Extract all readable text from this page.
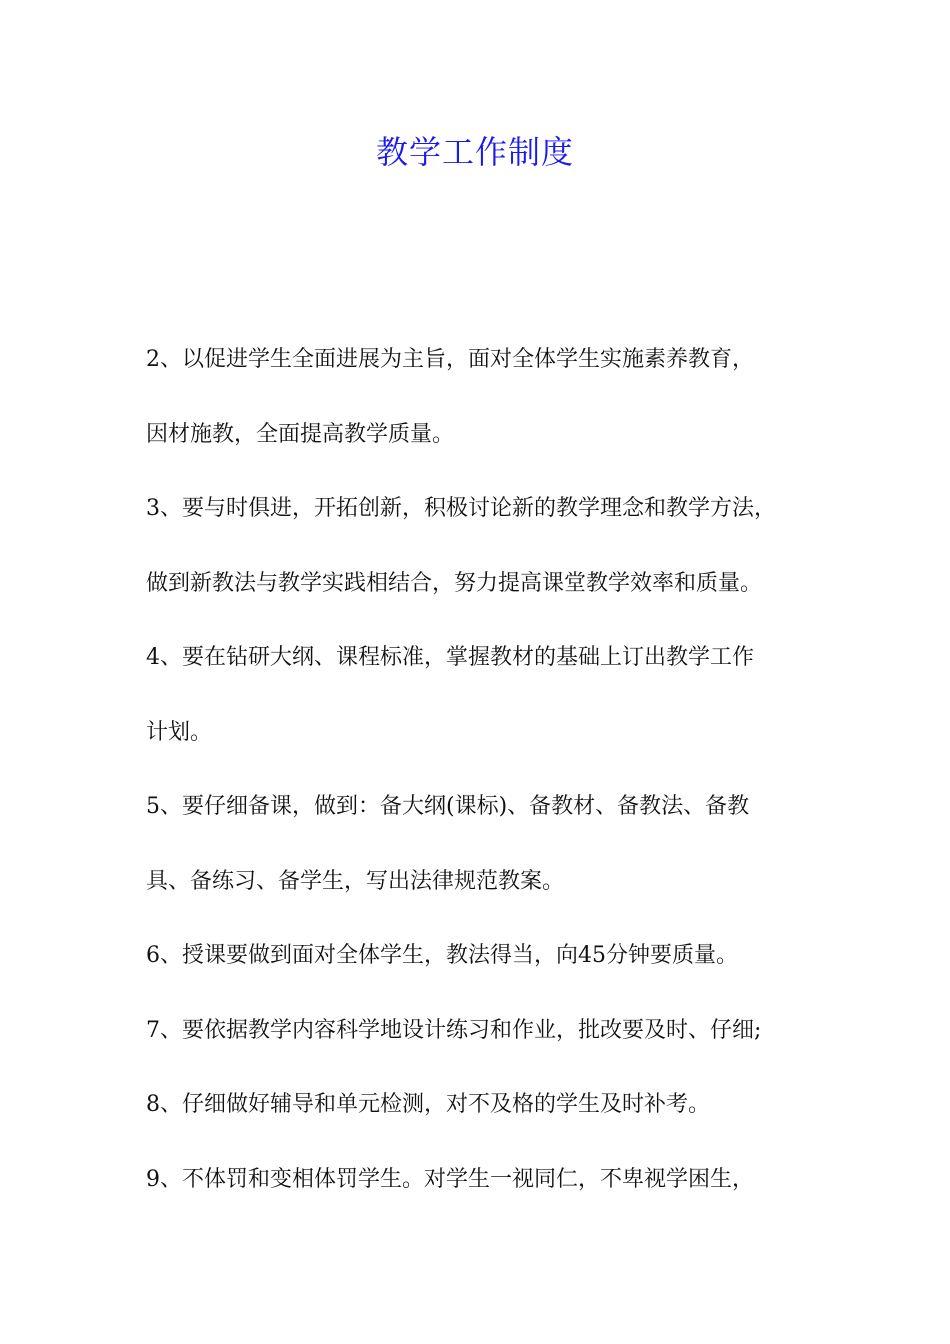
教学工作制度
2、以促进学生全面进展为主旨，面对全体学生实施素养教育，
因材施教，全面提高教学质量。
3、要与时俱进，开拓创新，积极讨论新的教学理念和教学方法，
做到新教法与教学实践相结合，努力提高课堂教学效率和质量。
4、要在钻研大纲、课程标准，掌握教材的基础上订出教学工作
计划。
5、要仔细备课，做到：备大纲(课标)、备教材、备教法、备教
具、备练习、备学生，写出法律规范教案。
6、授课要做到面对全体学生，教法得当，向45分钟要质量。
7、要依据教学内容科学地设计练习和作业，批改要及时、仔细;
8、仔细做好辅导和单元检测，对不及格的学生及时补考。
9、不体罚和变相体罚学生。对学生一视同仁，不卑视学困生，
